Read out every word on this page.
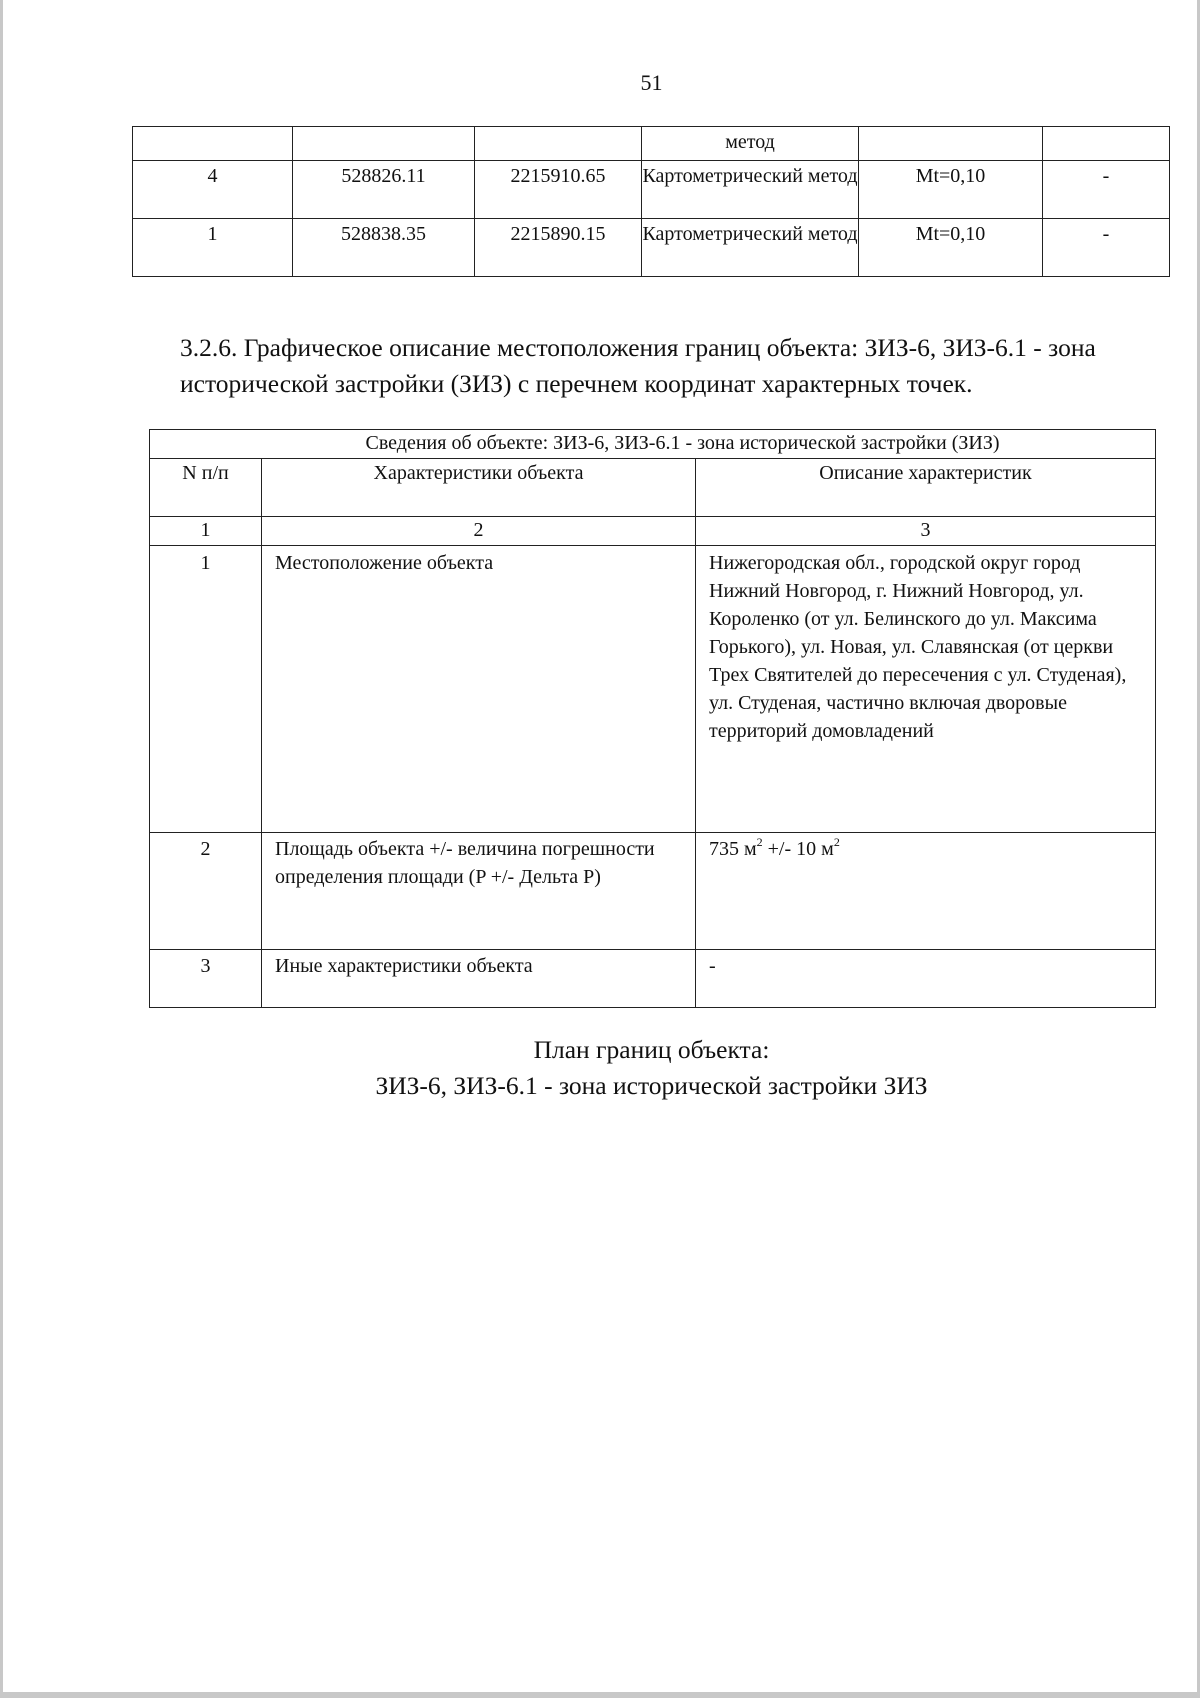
51

			метод		

4	528826.11	2215910.65	Картометрический метод	Mt=0,10	-

1	528838.35	2215890.15	Картометрический метод	Mt=0,10	-
3.2.6. Графическое описание местоположения границ объекта: ЗИЗ-6, ЗИЗ-6.1 - зона исторической застройки (ЗИЗ) с перечнем координат характерных точек.
Сведения об объекте: ЗИЗ-6, ЗИЗ-6.1 - зона исторической застройки (ЗИЗ)		
N п/п	Характеристики объекта	Описание характеристик
1	2	3
1	Местоположение объекта	Нижегородская обл., городской округ город Нижний Новгород, г. Нижний Новгород, ул. Короленко (от ул. Белинского до ул. Максима Горького), ул. Новая, ул. Славянская (от церкви Трех Святителей до пересечения с ул. Студеная), ул. Студеная, частично включая дворовые территорий домовладений
2	Площадь объекта +/- величина погрешности определения площади (P +/- Дельта P)	735 $м^2$ +/- 10 $м^2$
3	Иные характеристики объекта	-
План границ объекта:
ЗИЗ-6, ЗИЗ-6.1 - зона исторической застройки ЗИЗ
